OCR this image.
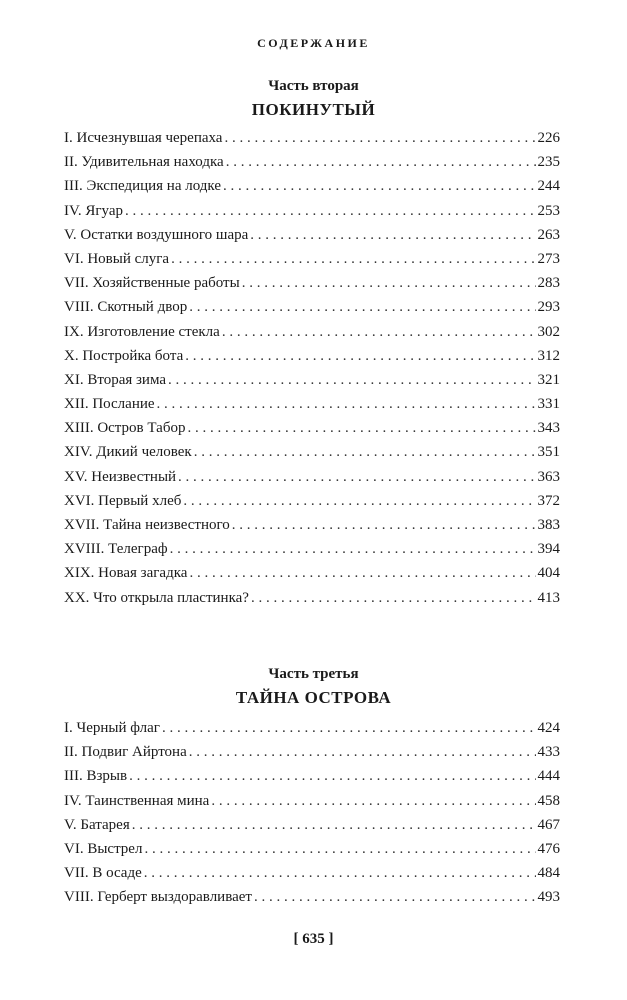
СОДЕРЖАНИЕ
Часть вторая
ПОКИНУТЫЙ
I. Исчезнувшая черепаха . . .	226
II. Удивительная находка . . .	235
III. Экспедиция на лодке . . .	244
IV. Ягуар . . .	253
V. Остатки воздушного шара . . .	263
VI. Новый слуга . . .	273
VII. Хозяйственные работы . . .	283
VIII. Скотный двор . . .	293
IX. Изготовление стекла . . .	302
X. Постройка бота . . .	312
XI. Вторая зима . . .	321
XII. Послание . . .	331
XIII. Остров Табор . . .	343
XIV. Дикий человек . . .	351
XV. Неизвестный . . .	363
XVI. Первый хлеб . . .	372
XVII. Тайна неизвестного . . .	383
XVIII. Телеграф . . .	394
XIX. Новая загадка . . .	404
XX. Что открыла пластинка? . . .	413
Часть третья
ТАЙНА ОСТРОВА
I. Черный флаг . . .	424
II. Подвиг Айртона . . .	433
III. Взрыв . . .	444
IV. Таинственная мина . . .	458
V. Батарея . . .	467
VI. Выстрел . . .	476
VII. В осаде . . .	484
VIII. Герберт выздоравливает . . .	493
[ 635 ]
